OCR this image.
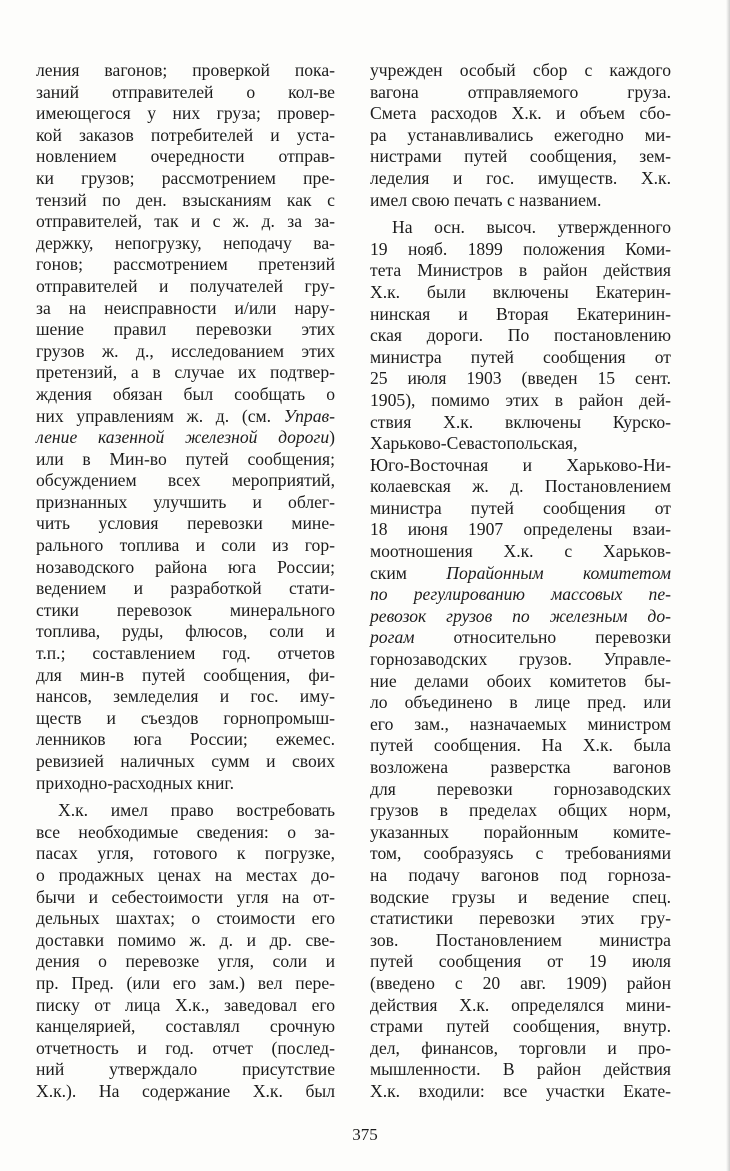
ления вагонов; проверкой пока-
заний отправителей о кол-ве
имеющегося у них груза; провер-
кой заказов потребителей и уста-
новлением очередности отправ-
ки грузов; рассмотрением пре-
тензий по ден. взысканиям как с
отправителей, так и с ж. д. за за-
держку, непогрузку, неподачу ва-
гонов; рассмотрением претензий
отправителей и получателей гру-
за на неисправности и/или нару-
шение правил перевозки этих
грузов ж. д., исследованием этих
претензий, а в случае их подтвер-
ждения обязан был сообщать о
них управлениям ж. д. (см. Управ-
ление казенной железной дороги)
или в Мин-во путей сообщения;
обсуждением всех мероприятий,
признанных улучшить и облег-
чить условия перевозки мине-
рального топлива и соли из гор-
нозаводского района юга России;
ведением и разработкой стати-
стики перевозок минерального
топлива, руды, флюсов, соли и
т.п.; составлением год. отчетов
для мин-в путей сообщения, фи-
нансов, земледелия и гос. иму-
ществ и съездов горнопромыш-
ленников юга России; ежемес.
ревизией наличных сумм и своих
приходно-расходных книг.
Х.к. имел право востребовать
все необходимые сведения: о за-
пасах угля, готового к погрузке,
о продажных ценах на местах до-
бычи и себестоимости угля на от-
дельных шахтах; о стоимости его
доставки помимо ж. д. и др. све-
дения о перевозке угля, соли и
пр. Пред. (или его зам.) вел пере-
писку от лица Х.к., заведовал его
канцелярией, составлял срочную
отчетность и год. отчет (послед-
ний утверждало присутствие
Х.к.). На содержание Х.к. был
учрежден особый сбор с каждого
вагона отправляемого груза.
Смета расходов Х.к. и объем сбо-
ра устанавливались ежегодно ми-
нистрами путей сообщения, зем-
леделия и гос. имуществ. Х.к.
имел свою печать с названием.
На осн. высоч. утвержденного
19 нояб. 1899 положения Коми-
тета Министров в район действия
Х.к. были включены Екатерин-
нинская и Вторая Екатеринин-
ская дороги. По постановлению
министра путей сообщения от
25 июля 1903 (введен 15 сент.
1905), помимо этих в район дей-
ствия Х.к. включены Курско-
Харьково-Севастопольская,
Юго-Восточная и Харьково-Ни-
колаевская ж. д. Постановлением
министра путей сообщения от
18 июня 1907 определены взаи-
моотношения Х.к. с Харьков-
ским Порайонным комитетом
по регулированию массовых пе-
ревозок грузов по железным до-
рогам относительно перевозки
горнозаводских грузов. Управле-
ние делами обоих комитетов бы-
ло объединено в лице пред. или
его зам., назначаемых министром
путей сообщения. На Х.к. была
возложена разверстка вагонов
для перевозки горнозаводских
грузов в пределах общих норм,
указанных порайонным комите-
том, сообразуясь с требованиями
на подачу вагонов под горноза-
водские грузы и ведение спец.
статистики перевозки этих гру-
зов. Постановлением министра
путей сообщения от 19 июля
(введено с 20 авг. 1909) район
действия Х.к. определялся мини-
страми путей сообщения, внутр.
дел, финансов, торговли и про-
мышленности. В район действия
Х.к. входили: все участки Екате-
375
